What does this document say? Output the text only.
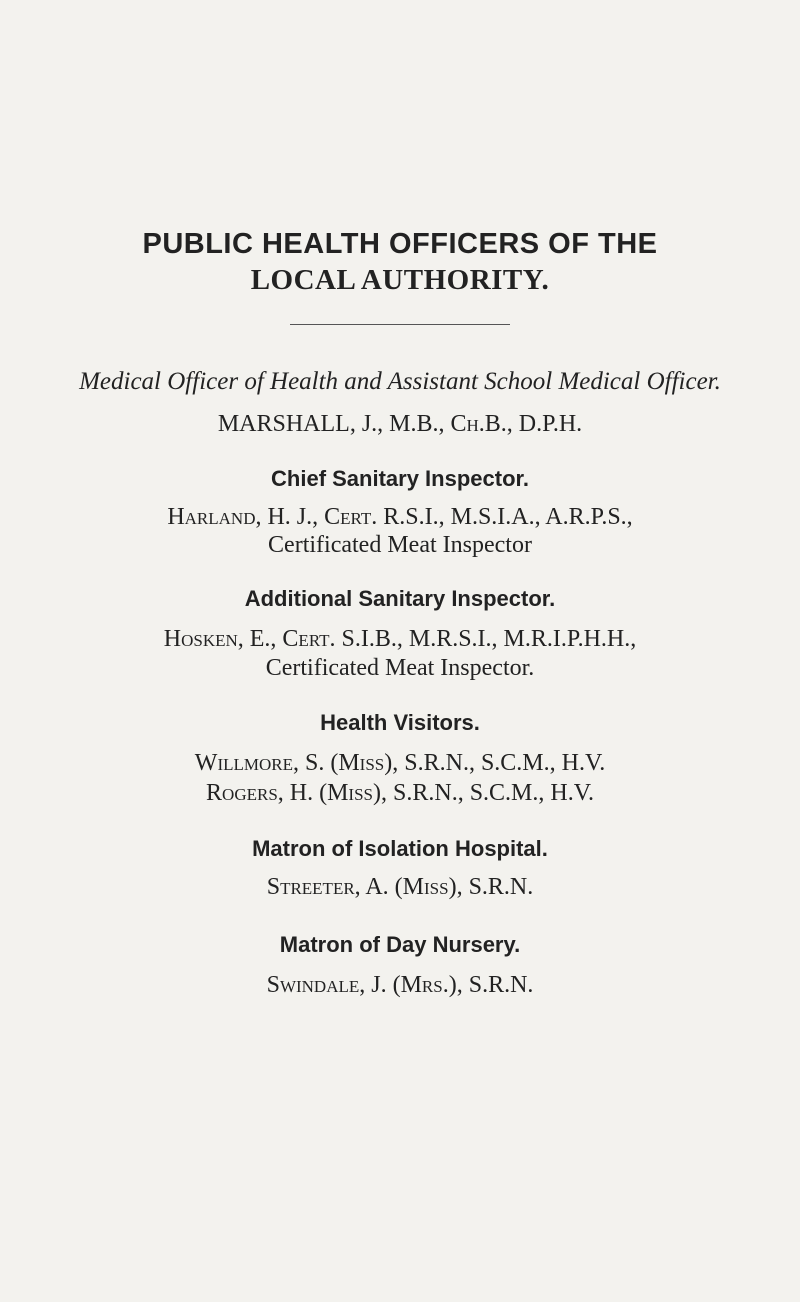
PUBLIC HEALTH OFFICERS OF THE
LOCAL AUTHORITY.
Medical Officer of Health and Assistant School Medical Officer.
MARSHALL, J., M.B., Ch.B., D.P.H.
Chief Sanitary Inspector.
Harland, H. J., Cert. R.S.I., M.S.I.A., A.R.P.S.,
Certificated Meat Inspector
Additional Sanitary Inspector.
Hosken, E., Cert. S.I.B., M.R.S.I., M.R.I.P.H.H.,
Certificated Meat Inspector.
Health Visitors.
Willmore, S. (Miss), S.R.N., S.C.M., H.V.
Rogers, H. (Miss), S.R.N., S.C.M., H.V.
Matron of Isolation Hospital.
Streeter, A. (Miss), S.R.N.
Matron of Day Nursery.
Swindale, J. (Mrs.), S.R.N.
